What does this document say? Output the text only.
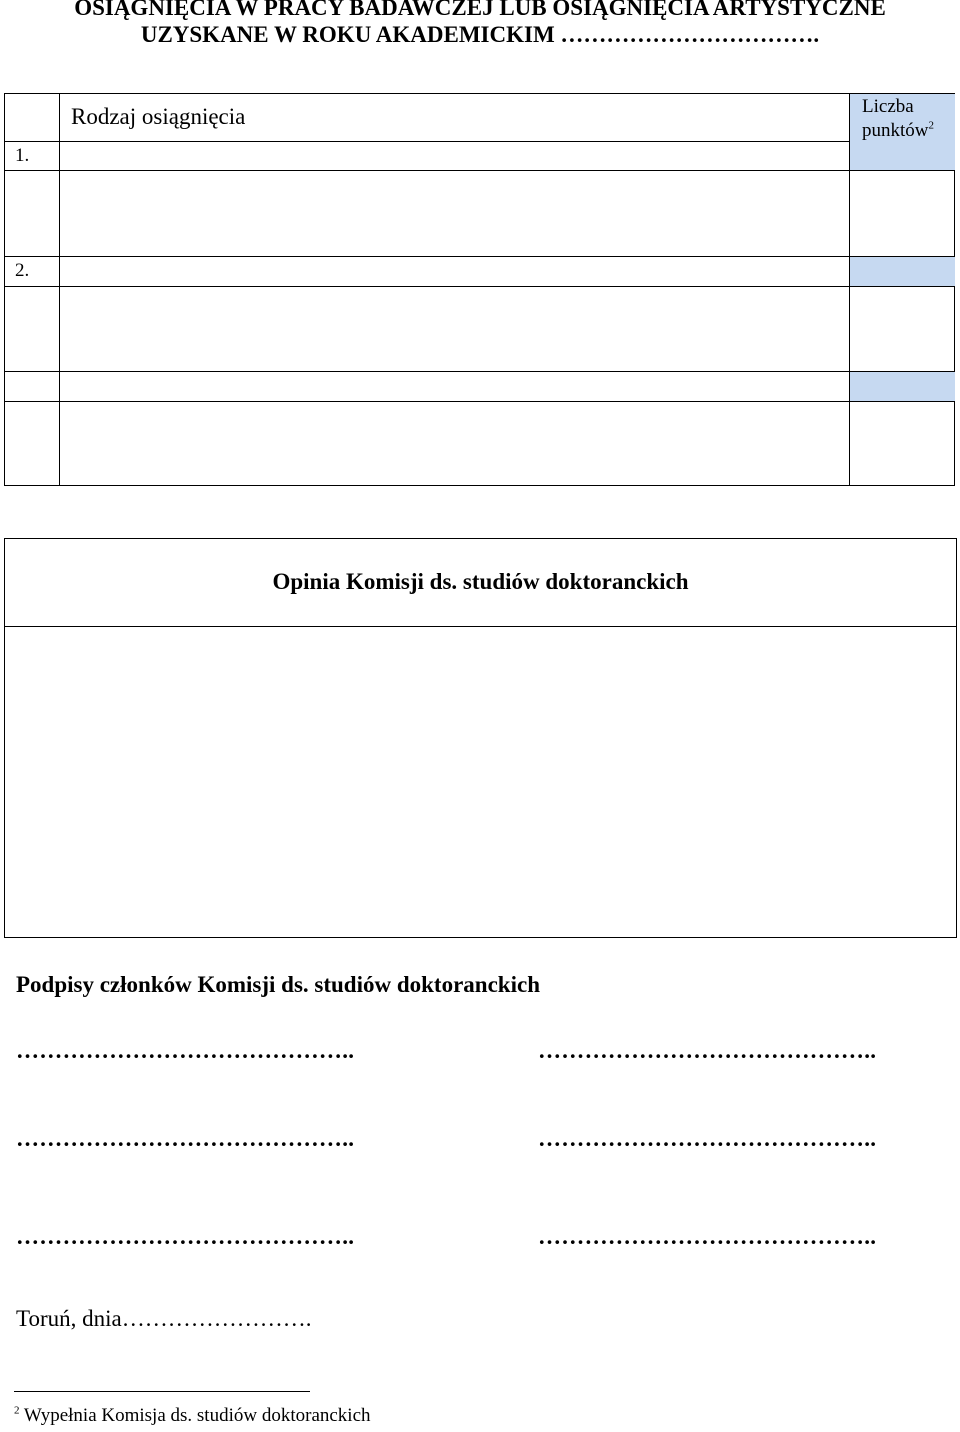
OSIĄGNIĘCIA W PRACY BADAWCZEJ LUB OSIĄGNIĘCIA ARTYSTYCZNE
UZYSKANE W ROKU AKADEMICKIM …………………………….
Rodzaj osiągnięcia	Liczba
punktów$^2$
1.
2.
Opinia Komisji ds. studiów doktoranckich
Podpisy członków Komisji ds. studiów doktoranckich
……………………………………..	……………………………………..
……………………………………..	……………………………………..
……………………………………..	……………………………………..
Toruń, dnia…………………….
$^2$ Wypełnia Komisja ds. studiów doktoranckich
